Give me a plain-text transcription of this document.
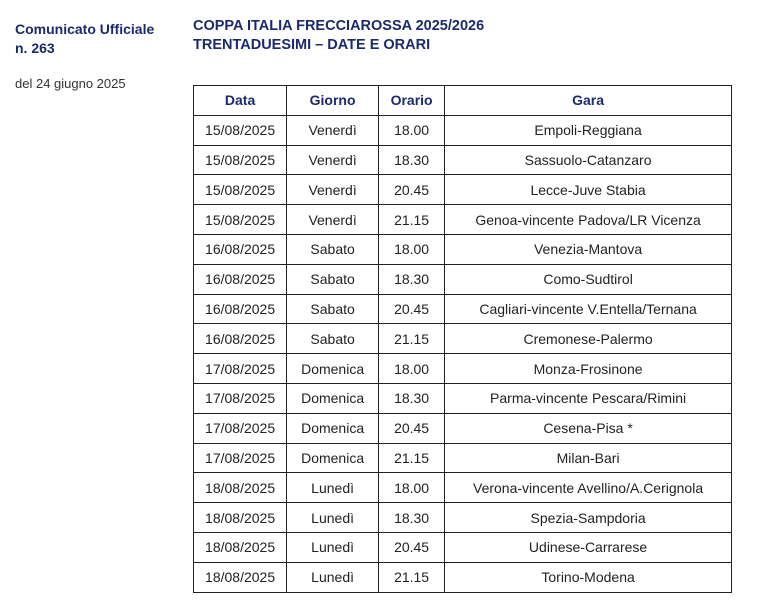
Comunicato Ufficiale
n. 263

del 24 giugno 2025

COPPA ITALIA FRECCIAROSSA 2025/2026

TRENTADUESIMI – DATE E ORARI

Data	Giorno	Orario	Gara
15/08/2025	Venerdì	18.00	Empoli-Reggiana
15/08/2025	Venerdì	18.30	Sassuolo-Catanzaro
15/08/2025	Venerdì	20.45	Lecce-Juve Stabia
15/08/2025	Venerdì	21.15	Genoa-vincente Padova/LR Vicenza
16/08/2025	Sabato	18.00	Venezia-Mantova
16/08/2025	Sabato	18.30	Como-Sudtirol
16/08/2025	Sabato	20.45	Cagliari-vincente V.Entella/Ternana
16/08/2025	Sabato	21.15	Cremonese-Palermo
17/08/2025	Domenica	18.00	Monza-Frosinone
17/08/2025	Domenica	18.30	Parma-vincente Pescara/Rimini
17/08/2025	Domenica	20.45	Cesena-Pisa *
17/08/2025	Domenica	21.15	Milan-Bari
18/08/2025	Lunedì	18.00	Verona-vincente Avellino/A.Cerignola
18/08/2025	Lunedì	18.30	Spezia-Sampdoria
18/08/2025	Lunedì	20.45	Udinese-Carrarese
18/08/2025	Lunedì	21.15	Torino-Modena
